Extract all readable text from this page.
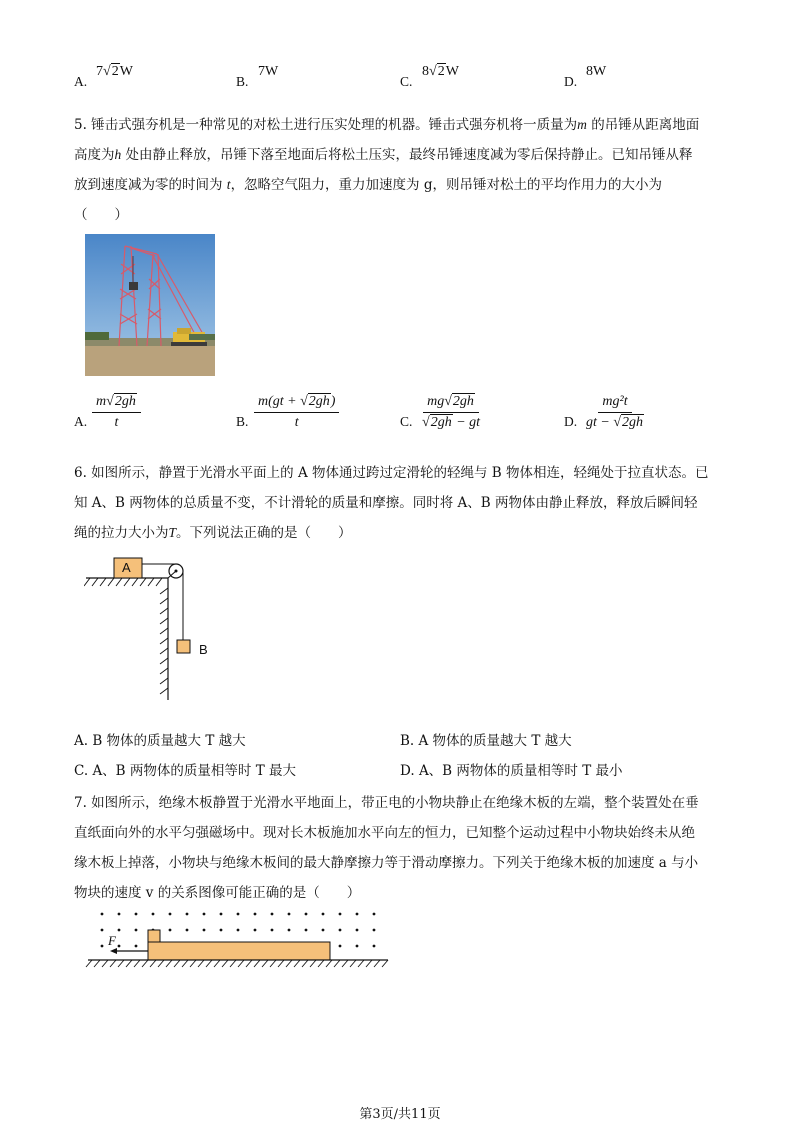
A.
7√2W
B.
7W
C.
8√2W
D.
8W
5. 锤击式强夯机是一种常见的对松土进行压实处理的机器。锤击式强夯机将一质量为m 的吊锤从距离地面
高度为h 处由静止释放，吊锤下落至地面后将松土压实，最终吊锤速度减为零后保持静止。已知吊锤从释
放到速度减为零的时间为 t，忽略空气阻力，重力加速度为 g，则吊锤对松土的平均作用力的大小为
（　　）
A. $\frac{m√2gh}{t}$	B. $\frac{m(gt + √2gh)}{t}$	C. $\frac{mg√2gh}{√2gh - gt}$	D. $\frac{\text{mg²t}}{gt - √2gh}$
6. 如图所示，静置于光滑水平面上的 A 物体通过跨过定滑轮的轻绳与 B 物体相连，轻绳处于拉直状态。已
知 A、B 两物体的总质量不变，不计滑轮的质量和摩擦。同时将 A、B 两物体由静止释放，释放后瞬间轻
绳的拉力大小为T。下列说法正确的是（　　）
A
B
A. B 物体的质量越大 T 越大	B. A 物体的质量越大 T 越大
C. A、B 两物体的质量相等时 T 最大	D. A、B 两物体的质量相等时 T 最小
7. 如图所示，绝缘木板静置于光滑水平地面上，带正电的小物块静止在绝缘木板的左端，整个装置处在垂
直纸面向外的水平匀强磁场中。现对长木板施加水平向左的恒力，已知整个运动过程中小物块始终未从绝
缘木板上掉落，小物块与绝缘木板间的最大静摩擦力等于滑动摩擦力。下列关于绝缘木板的加速度 a 与小
物块的速度 v 的关系图像可能正确的是（　　）
F
第3页/共11页
